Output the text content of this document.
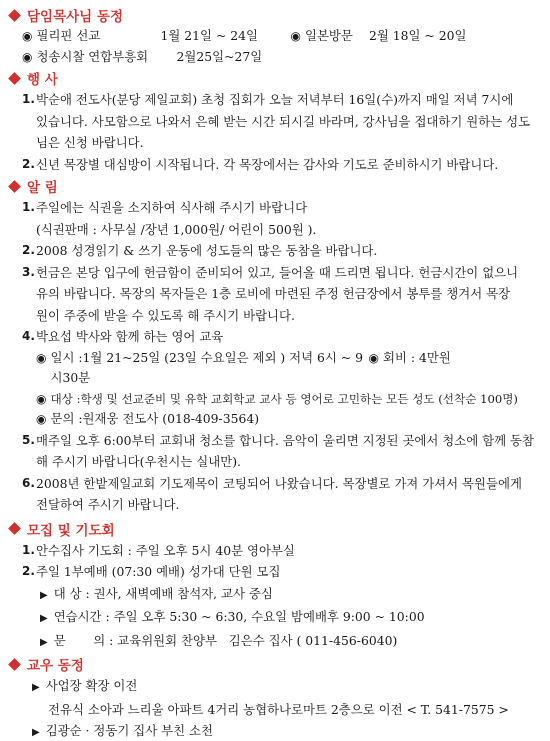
담임목사님 동정
◉ 필리핀 선교	1월 21일 ~ 24일	◉ 일본방문	2월 18일 ~ 20일
◉ 청송시찰 연합부흥회	2월25일~27일
행 사
1. 박순애 전도사(분당 제일교회) 초청 집회가 오늘 저녁부터 16일(수)까지 매일 저녁 7시에
있습니다. 사모함으로 나와서 은혜 받는 시간 되시길 바라며, 강사님을 접대하기 원하는 성도
님은 신청 바랍니다.
2. 신년 목장별 대심방이 시작됩니다. 각 목장에서는 감사와 기도로 준비하시기 바랍니다.
알 림
1. 주일에는 식권을 소지하여 식사해 주시기 바랍니다
(식권판매 : 사무실 /장년 1,000원/ 어린이 500원 ).
2. 2008 성경읽기 & 쓰기 운동에 성도들의 많은 동참을 바랍니다.
3. 헌금은 본당 입구에 헌금함이 준비되어 있고, 들어올 때 드리면 됩니다. 헌금시간이 없으니
유의 바랍니다. 목장의 목자들은 1층 로비에 마련된 주정 헌금장에서 봉투를 챙겨서 목장
원이 주중에 받을 수 있도록 해 주시기 바랍니다.
4. 박요섭 박사와 함께 하는 영어 교육
◉ 일시 :1월 21~25일 (23일 수요일은 제외 ) 저녁 6시 ~ 9시30분
◉ 회비 : 4만원
◉ 대상 :학생 및 선교준비 및 유학 교회학교 교사 등 영어로 고민하는 모든 성도 (선착순 100명)
◉ 문의 :원재웅 전도사 (018-409-3564)
5. 매주일 오후 6:00부터 교회내 청소를 합니다. 음악이 울리면 지정된 곳에서 청소에 함께 동참
해 주시기 바랍니다(우천시는 실내만).
6. 2008년 한밭제일교회 기도제목이 코팅되어 나왔습니다. 목장별로 가져 가셔서 목원들에게
전달하여 주시기 바랍니다.
모집 및 기도회
1. 안수집사 기도회 : 주일 오후 5시 40분 영아부실
2. 주일 1부예배 (07:30 예배) 성가대 단원 모집
▶ 대 상 : 권사, 새벽예배 참석자, 교사 중심
▶ 연습시간 : 주일 오후 5:30 ~ 6:30, 수요일 밤예배후 9:00 ~ 10:00
▶ 문       의 : 교육위원회 찬양부   김은수 집사 ( 011-456-6040)
교우 동정
▶ 사업장 확장 이전
전유식 소아과 느리울 아파트 4거리 농협하나로마트 2층으로 이전 < T. 541-7575 >
▶ 김광순 · 정동기 집사 부친 소천
